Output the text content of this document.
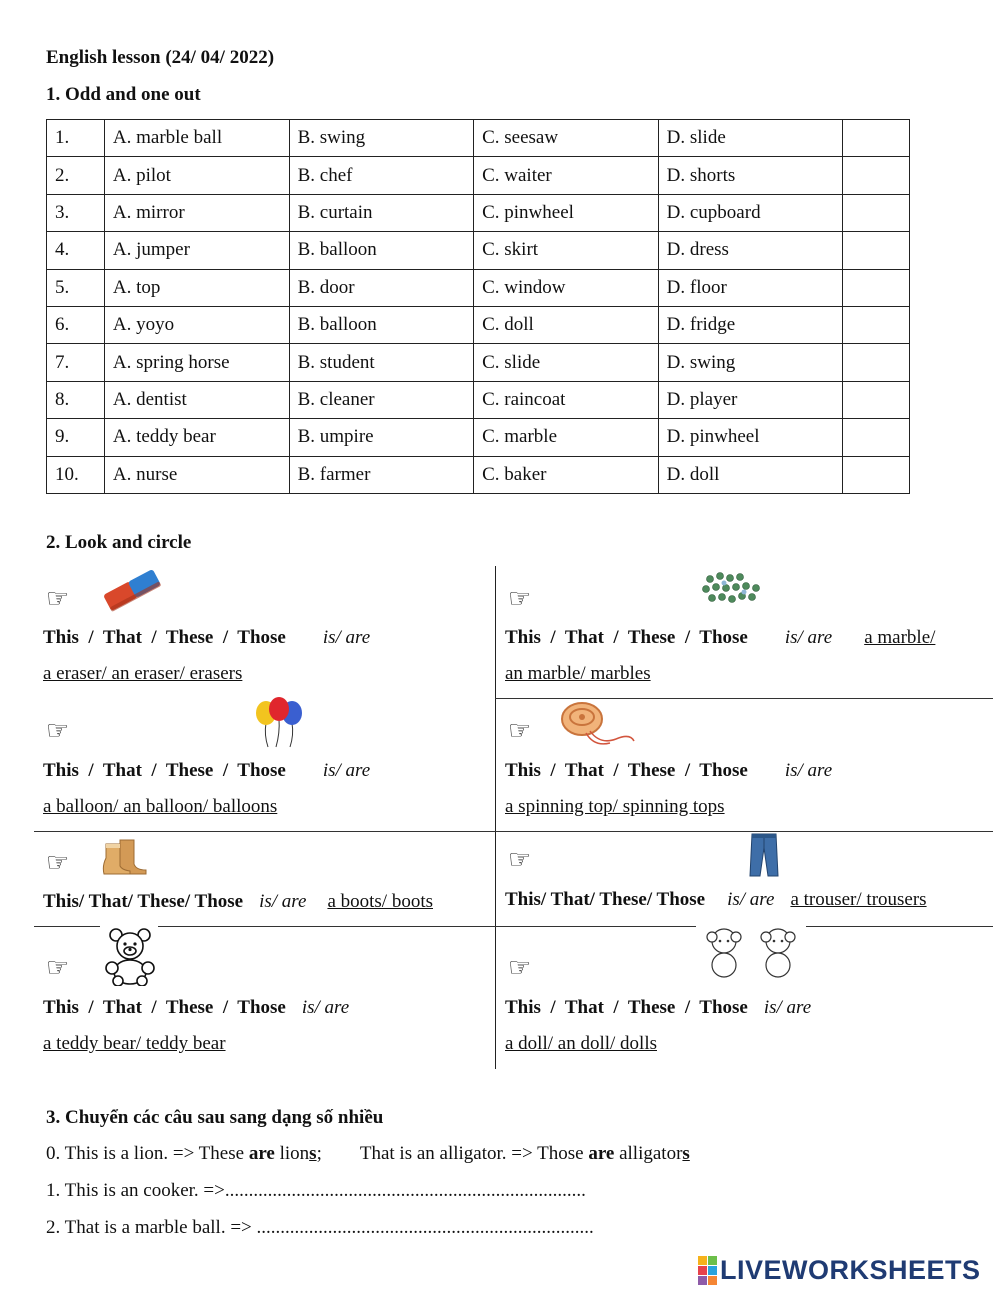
English lesson (24/ 04/ 2022)
1. Odd and one out
1.	A. marble ball	B. swing	C. seesaw	D. slide	
2.	A. pilot	B. chef	C. waiter	D. shorts	
3.	A. mirror	B. curtain	C. pinwheel	D. cupboard	
4.	A. jumper	B. balloon	C. skirt	D. dress	
5.	A. top	B. door	C. window	D. floor	
6.	A. yoyo	B. balloon	C. doll	D. fridge	
7.	A. spring horse	B. student	C. slide	D. swing	
8.	A. dentist	B. cleaner	C. raincoat	D. player	
9.	A. teddy bear	B. umpire	C. marble	D. pinwheel	
10.	A. nurse	B. farmer	C. baker	D. doll	
2. Look and circle
☞	☞
☞	☞
☞	☞
☞	☞
This  /  That  /  These  /  Those is/ are
a eraser/ an eraser/ erasers
This  /  That  /  These  /  Those is/ are a marble/
an marble/ marbles
This  /  That  /  These  /  Those is/ are
a balloon/ an balloon/ balloons
This  /  That  /  These  /  Those is/ are
a spinning top/ spinning tops
This/ That/ These/ Those is/ are a boots/ boots	This/ That/ These/ Those is/ are a trouser/ trousers
This  /  That  /  These  /  Those is/ are
a teddy bear/ teddy bear
This  /  That  /  These  /  Those is/ are
a doll/ an doll/ dolls
3. Chuyển các câu sau sang dạng số nhiều
0. This is a lion. => These are lions; That is an alligator. => Those are alligators
1. This is an cooker. =>............................................................................
2. That is a marble ball. => .......................................................................
LIVEWORKSHEETS
